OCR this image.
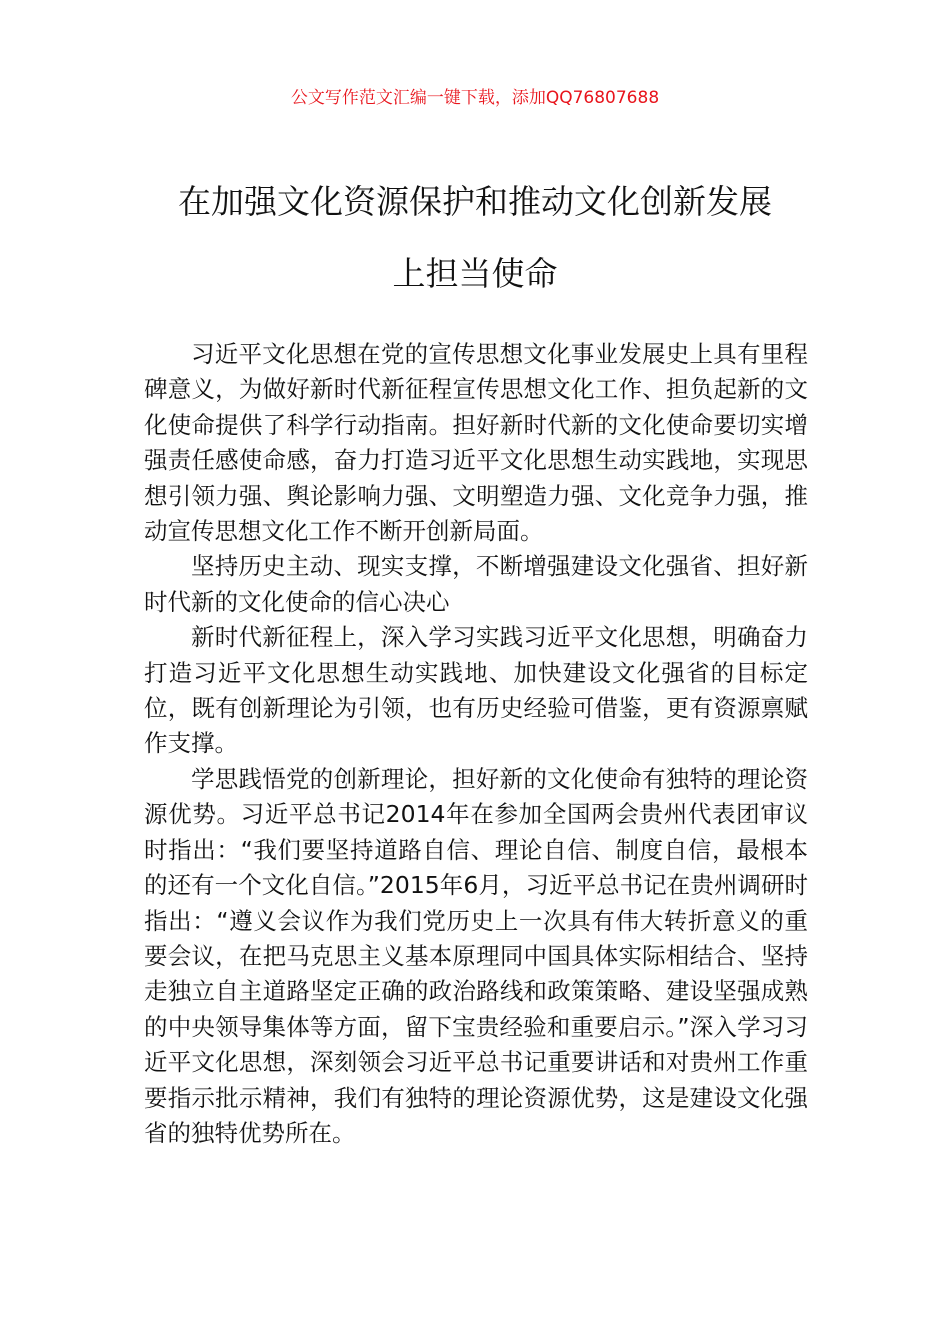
公文写作范文汇编一键下载，添加QQ76807688
在加强文化资源保护和推动文化创新发展
上担当使命

习近平文化思想在党的宣传思想文化事业发展史上具有里程碑意义，为做好新时代新征程宣传思想文化工作、担负起新的文化使命提供了科学行动指南。担好新时代新的文化使命要切实增强责任感使命感，奋力打造习近平文化思想生动实践地，实现思想引领力强、舆论影响力强、文明塑造力强、文化竞争力强，推动宣传思想文化工作不断开创新局面。

坚持历史主动、现实支撑，不断增强建设文化强省、担好新时代新的文化使命的信心决心

新时代新征程上，深入学习实践习近平文化思想，明确奋力打造习近平文化思想生动实践地、加快建设文化强省的目标定位，既有创新理论为引领，也有历史经验可借鉴，更有资源禀赋作支撑。

学思践悟党的创新理论，担好新的文化使命有独特的理论资源优势。习近平总书记2014年在参加全国两会贵州代表团审议时指出：“我们要坚持道路自信、理论自信、制度自信，最根本的还有一个文化自信。”2015年6月，习近平总书记在贵州调研时指出：“遵义会议作为我们党历史上一次具有伟大转折意义的重要会议，在把马克思主义基本原理同中国具体实际相结合、坚持走独立自主道路坚定正确的政治路线和政策策略、建设坚强成熟的中央领导集体等方面，留下宝贵经验和重要启示。”深入学习习近平文化思想，深刻领会习近平总书记重要讲话和对贵州工作重要指示批示精神，我们有独特的理论资源优势，这是建设文化强省的独特优势所在。
